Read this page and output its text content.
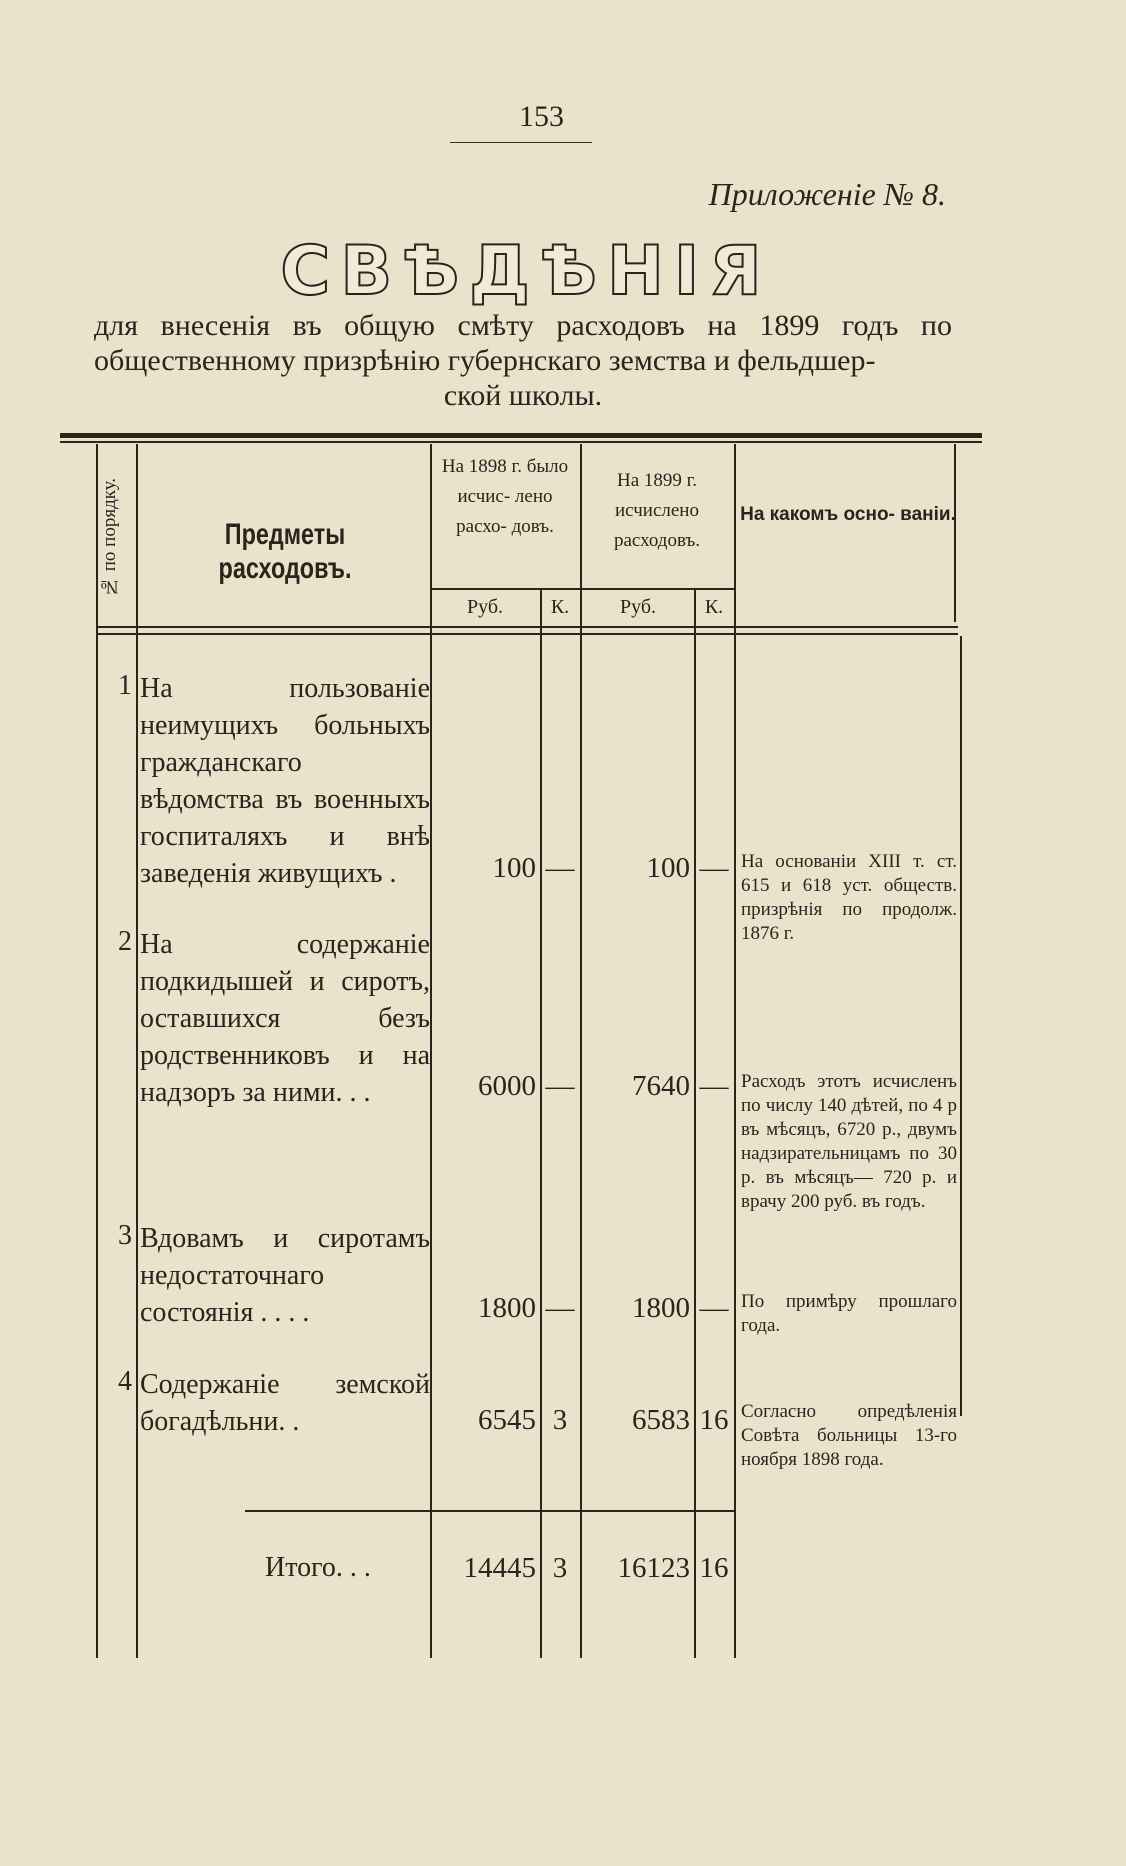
153
Приложеніе № 8.
СВѢДѢНІЯ
для внесенія въ общую смѣту расходовъ на 1899 годъ по общественному призрѣнію губернскаго земства и фельдшер-
ской школы.
№ по порядку.	Предметы расходовъ.
На 1898 г. было исчис- лено расхо- довъ.
На 1899 г. исчислено расходовъ.
На какомъ осно- ваніи.
Руб.	К.	Руб.	К.
1 На пользованіе неимущихъ больныхъ гражданскаго вѣдомства въ военныхъ госпиталяхъ и внѣ заведенія живущихъ .	100 —	100 — На основаніи XIII т. ст. 615 и 618 уст. обществ. призрѣнія по продолж. 1876 г.
2 На содержаніе подкидышей и сиротъ, оставшихся безъ родственниковъ и на надзоръ за ними. . .	6000 —	7640 — Расходъ этотъ исчисленъ по числу 140 дѣтей, по 4 р въ мѣсяцъ, 6720 р., двумъ надзирательницамъ по 30 р. въ мѣсяцъ— 720 р. и врачу 200 руб. въ годъ.
3 Вдовамъ и сиротамъ недостаточнаго состоянія . . . .	1800 —	1800 — По примѣру прошлаго года.
4 Содержаніе земской богадѣльни. .	6545 3	6583 16 Согласно опредѣленія Совѣта больницы 13-го ноября 1898 года.
Итого. . .	14445 3	16123 16
